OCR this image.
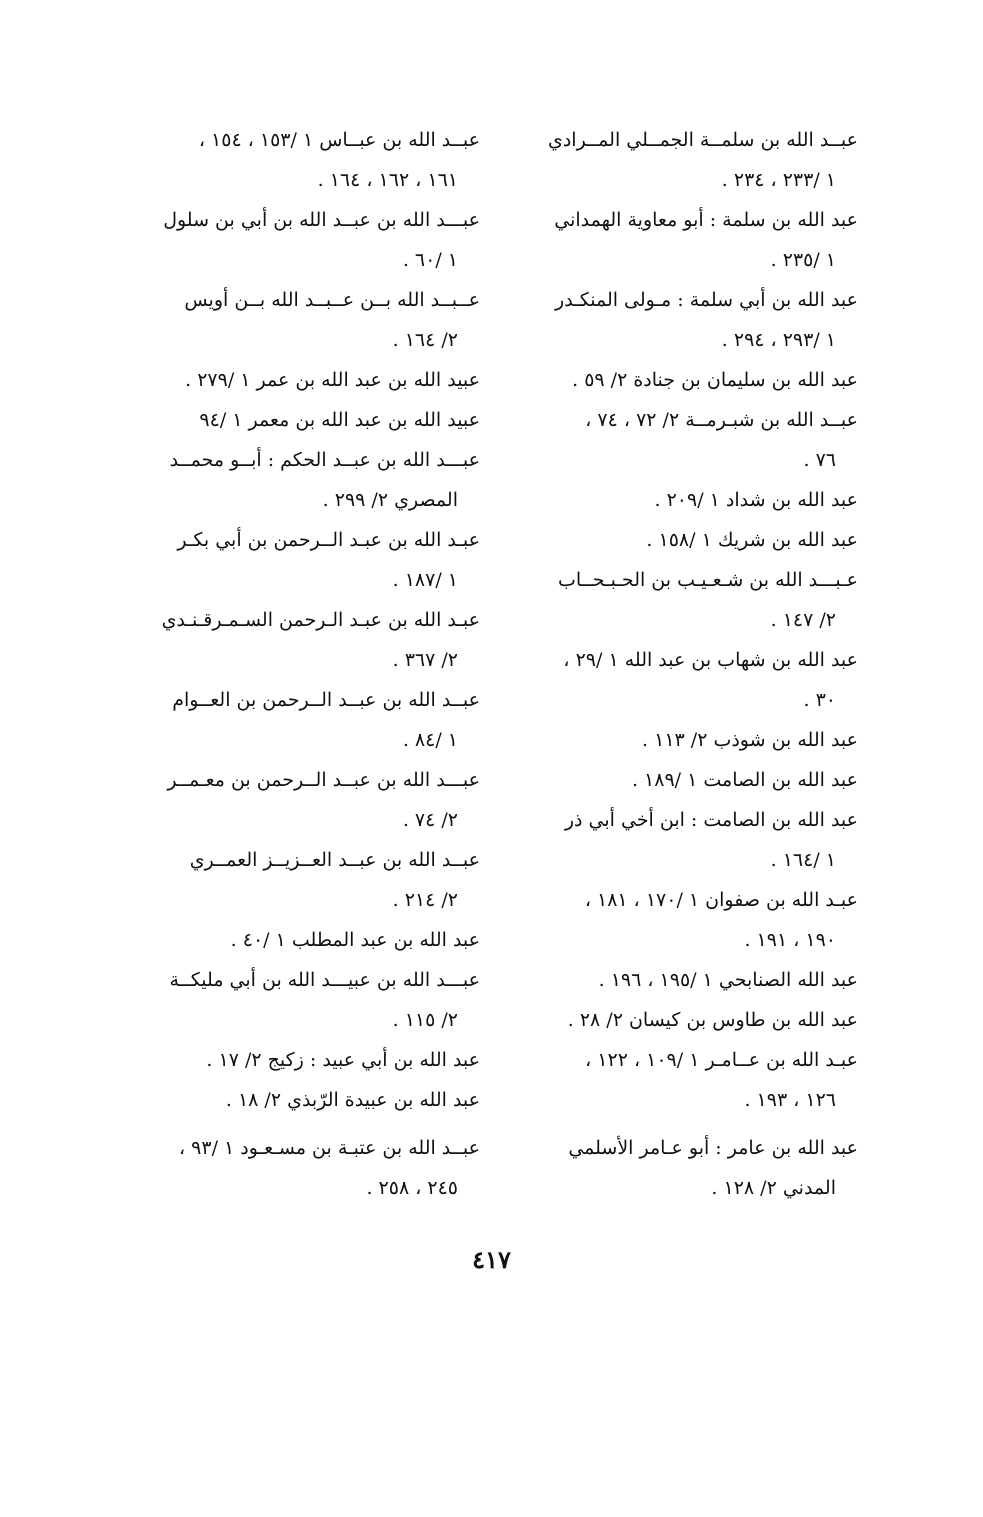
عبــد الله بن سلمــة الجمــلي المــرادي
١ /٢٣٣ ، ٢٣٤ .
عبد الله بن سلمة : أبو معاوية الهمداني
١ /٢٣٥ .
عبد الله بن أبي سلمة : مـولى المنكـدر
١ /٢٩٣ ، ٢٩٤ .
عبد الله بن سليمان بن جنادة ٢/ ٥٩ .
عبــد الله بن شبـرمــة ٢/ ٧٢ ، ٧٤ ،
٧٦ .
عبد الله بن شداد ١ /٢٠٩ .
عبد الله بن شريك ١ /١٥٨ .
عـبـــد الله بن شـعـيـب بن الحـبـحــاب
٢/ ١٤٧ .
عبد الله بن شهاب بن عبد الله ١ /٢٩ ،
٣٠ .
عبد الله بن شوذب ٢/ ١١٣ .
عبد الله بن الصامت ١ /١٨٩ .
عبد الله بن الصامت : ابن أخي أبي ذر
١ /١٦٤ .
عبـد الله بن صفوان ١ /١٧٠ ، ١٨١ ،
١٩٠ ، ١٩١ .
عبد الله الصنابحي ١ /١٩٥ ، ١٩٦ .
عبد الله بن طاوس بن كيسان ٢/ ٢٨ .
عبـد الله بن عــامـر ١ /١٠٩ ، ١٢٢ ،
١٢٦ ، ١٩٣ .
عبد الله بن عامر : أبو عـامر الأسلمي
المدني ٢/ ١٢٨ .
عبــد الله بن عبــاس ١ /١٥٣ ، ١٥٤ ،
١٦١ ، ١٦٢ ، ١٦٤ .
عبـــد الله بن عبــد الله بن أبي بن سلول
١ /٦٠ .
عــبــد الله بــن عــبــد الله بــن أويس
٢/ ١٦٤ .
عبيد الله بن عبد الله بن عمر ١ /٢٧٩ .
عبيد الله بن عبد الله بن معمر ١ /٩٤
عبـــد الله بن عبــد الحكم : أبــو محمــد
المصري ٢/ ٢٩٩ .
عبـد الله بن عبـد الــرحمن بن أبي بكـر
١ /١٨٧ .
عبـد الله بن عبـد الـرحمن السـمـرقـنـدي
٢/ ٣٦٧ .
عبــد الله بن عبــد الــرحمن بن العــوام
١ /٨٤ .
عبـــد الله بن عبــد الــرحمن بن معـمــر
٢/ ٧٤ .
عبــد الله بن عبــد العــزيــز العمــري
٢/ ٢١٤ .
عبد الله بن عبد المطلب ١ /٤٠ .
عبـــد الله بن عبيـــد الله بن أبي مليكــة
٢/ ١١٥ .
عبد الله بن أبي عبيد : زكيج ٢/ ١٧ .
عبد الله بن عبيدة الرّبذي ٢/ ١٨ .
عبــد الله بن عتبـة بن مسـعـود ١ /٩٣ ،
٢٤٥ ، ٢٥٨ .
٤١٧
